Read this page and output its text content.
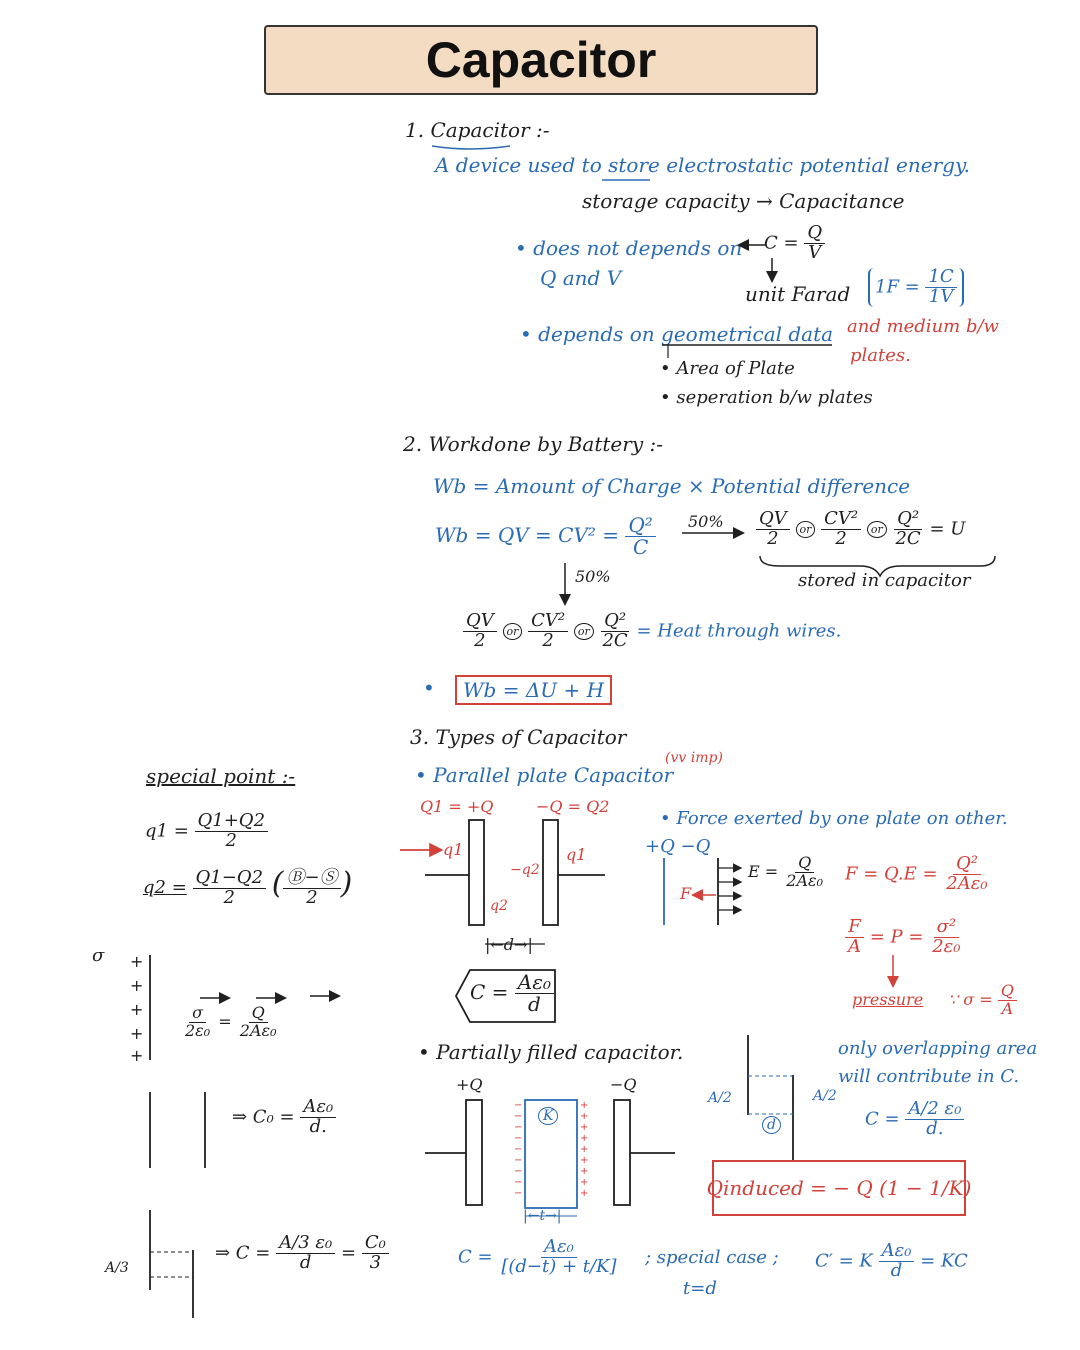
Capacitor
1. Capacitor :-
A device used to store electrostatic potential energy.
storage capacity → Capacitance
• does not depends on
Q and V
$C = \frac{Q}{V}$
unit Farad	$1F = \frac{1C}{1V}$
• depends on geometrical data and medium b/w
plates.
• Area of Plate
• seperation b/w plates
2. Workdone by Battery :-
Wb = Amount of Charge × Potential difference
Wb = QV = $CV^2 = \frac{\text{Q²}}{C} 50\% \frac{QV}{2}$ or $\frac{\text{CV²}}{2}$ or $\frac{\text{Q²}}{2C} = U$
stored in capacitor
50%
$\frac{QV}{2}$ or $\frac{\text{CV²}}{2}$ or $\frac{\text{Q²}}{2C}$ = Heat through wires.
•	Wb = ΔU + H
3. Types of Capacitor
• Parallel plate Capacitor
(vv imp)
Q1 = +Q	−Q = Q2
q1	q1
−q2
q2
|←d→|
$C = \frac{\text{Aε₀}}{d}$
• Force exerted by one plate on other.
+Q −Q
F
$E = \frac{Q}{\text{2Aε₀}}$ $F = Q.E = \frac{\text{Q²}}{\text{2Aε₀}}$
$\frac{F}{A} = P = \frac{\text{σ²}}{\text{2ε₀}}$
pressure ∵ $\sigma = \frac{Q}{A}$
• Partially filled capacitor.
+Q	−Q
K
|←t→|
$C = \frac{\text{Aε₀}}{[(d-t) + t/K]}$ ; special case ;
t=d
C′ = K $\frac{\text{Aε₀}}{d}$ = KC
only overlapping area
will contribute in C.
A/2	A/2
d	$C = \frac{\text{A/2 ε₀}}{d.}$
Qinduced = − Q (1 − 1/K)
special point :-
$q1 = \frac{Q1+Q2}{2}$
$q2 = \frac{Q1-Q2}{2}$ ( $\frac{Ⓑ-Ⓢ}{2}$ )
σ +
+
+
+
+
$\frac{\sigma}{\text{2ε₀}} = \frac{Q}{\text{2Aε₀}}$
⇒ $C_0 = \frac{\text{Aε₀}}{d.}$
A/3
⇒ $C = \frac{\text{A/3 ε₀}}{d} = \frac{\text{C₀}}{3}$
−
−
−
−
−
−
−
−
−
+
+
+
+
+
+
+
+
+
